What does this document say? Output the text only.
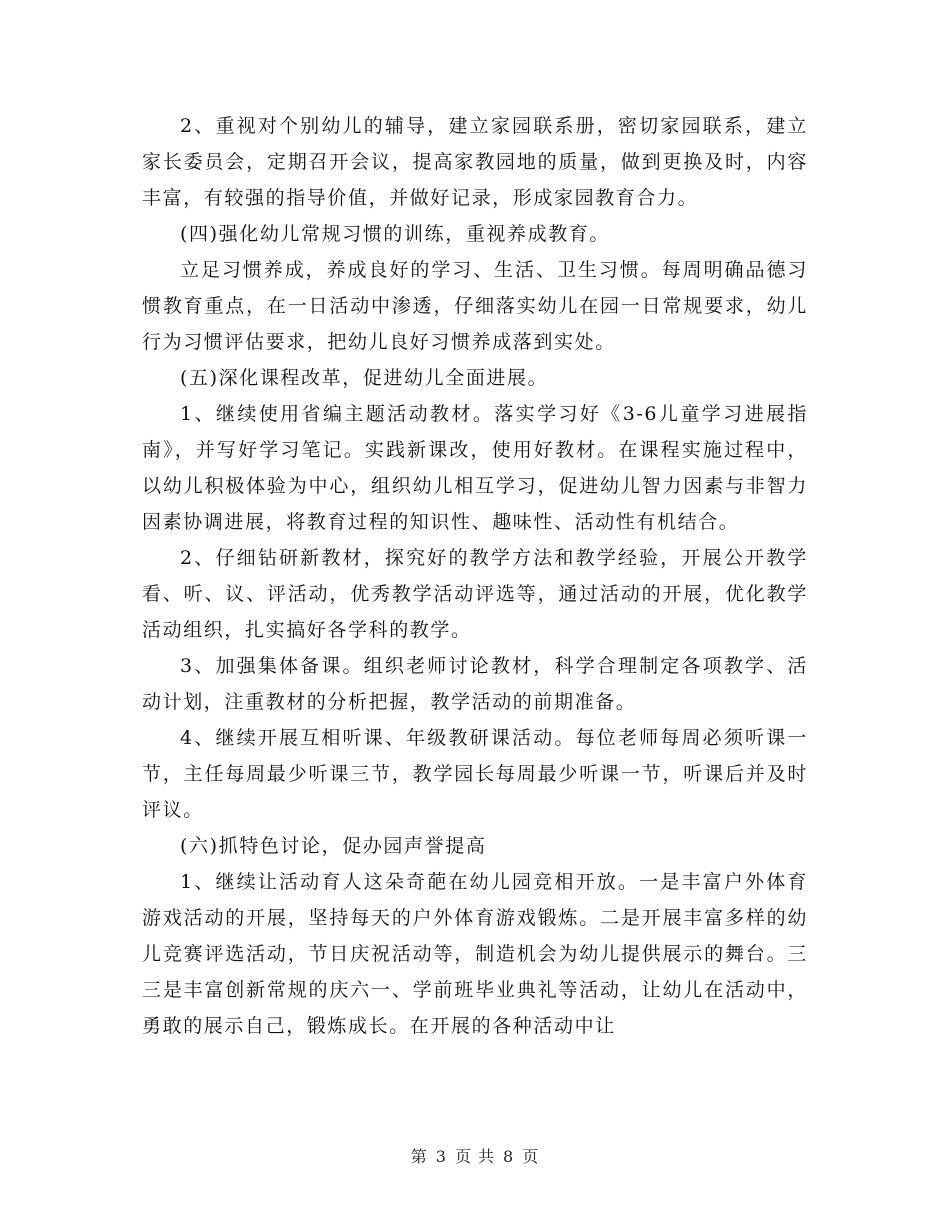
2、重视对个别幼儿的辅导，建立家园联系册，密切家园联系，建立家长委员会，定期召开会议，提高家教园地的质量，做到更换及时，内容丰富，有较强的指导价值，并做好记录，形成家园教育合力。

(四)强化幼儿常规习惯的训练，重视养成教育。

立足习惯养成，养成良好的学习、生活、卫生习惯。每周明确品德习惯教育重点，在一日活动中渗透，仔细落实幼儿在园一日常规要求，幼儿行为习惯评估要求，把幼儿良好习惯养成落到实处。

(五)深化课程改革，促进幼儿全面进展。

1、继续使用省编主题活动教材。落实学习好《3-6儿童学习进展指南》，并写好学习笔记。实践新课改，使用好教材。在课程实施过程中，以幼儿积极体验为中心，组织幼儿相互学习，促进幼儿智力因素与非智力因素协调进展，将教育过程的知识性、趣味性、活动性有机结合。

2、仔细钻研新教材，探究好的教学方法和教学经验，开展公开教学看、听、议、评活动，优秀教学活动评选等，通过活动的开展，优化教学活动组织，扎实搞好各学科的教学。

3、加强集体备课。组织老师讨论教材，科学合理制定各项教学、活动计划，注重教材的分析把握，教学活动的前期准备。

4、继续开展互相听课、年级教研课活动。每位老师每周必须听课一节，主任每周最少听课三节，教学园长每周最少听课一节，听课后并及时评议。

(六)抓特色讨论，促办园声誉提高

1、继续让活动育人这朵奇葩在幼儿园竞相开放。一是丰富户外体育游戏活动的开展，坚持每天的户外体育游戏锻炼。二是开展丰富多样的幼儿竞赛评选活动，节日庆祝活动等，制造机会为幼儿提供展示的舞台。三三是丰富创新常规的庆六一、学前班毕业典礼等活动，让幼儿在活动中，勇敢的展示自己，锻炼成长。在开展的各种活动中让

第 3 页 共 8 页
